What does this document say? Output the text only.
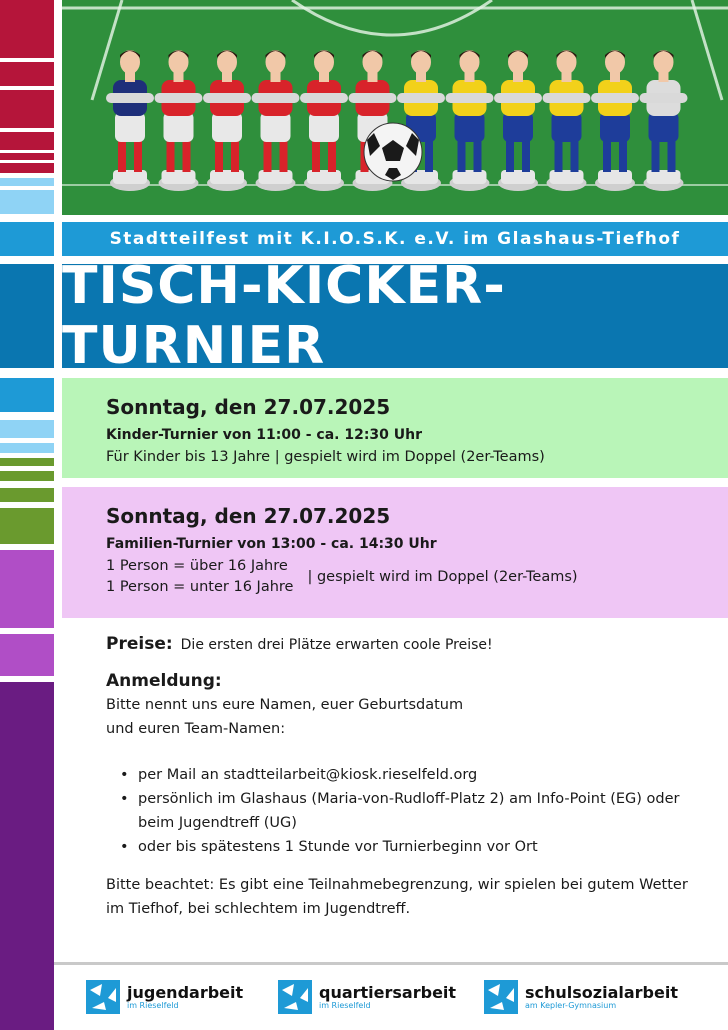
Stadtteilfest mit K.I.O.S.K. e.V. im Glashaus-Tiefhof
TISCH-KICKER-TURNIER
Sonntag, den 27.07.2025
Kinder-Turnier von 11:00 - ca. 12:30 Uhr
Für Kinder bis 13 Jahre | gespielt wird im Doppel (2er-Teams)
Sonntag, den 27.07.2025
Familien-Turnier von 13:00 - ca. 14:30 Uhr
1 Person = über 16 Jahre
1 Person = unter 16 Jahre
| gespielt wird im Doppel (2er-Teams)
Preise: Die ersten drei Plätze erwarten coole Preise!
Anmeldung:
Bitte nennt uns eure Namen, euer Geburtsdatum
und euren Team-Namen:
• per Mail an stadtteilarbeit@kiosk.rieselfeld.org
• persönlich im Glashaus (Maria-von-Rudloff-Platz 2) am Info-Point (EG) oder beim Jugendtreff (UG)
• oder bis spätestens 1 Stunde vor Turnierbeginn vor Ort
Bitte beachtet: Es gibt eine Teilnahmebegrenzung, wir spielen bei gutem Wetter im Tiefhof, bei schlechtem im Jugendtreff.
jugendarbeit
im Rieselfeld
quartiersarbeit
im Rieselfeld
schulsozialarbeit
am Kepler-Gymnasium
